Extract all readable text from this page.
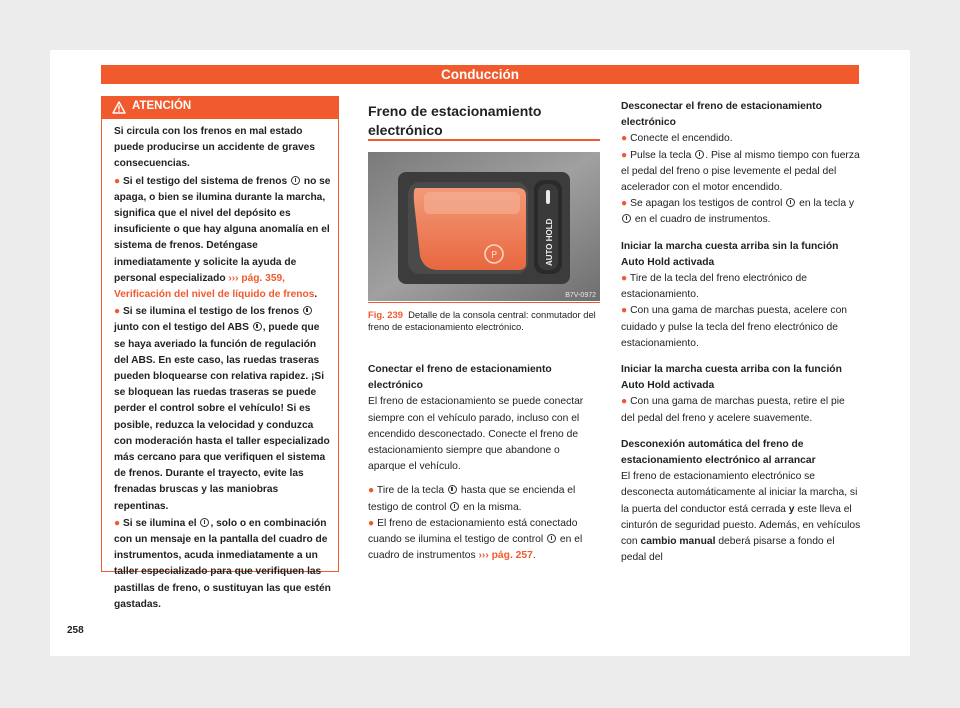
Conducción
ATENCIÓN

Si circula con los frenos en mal estado puede producirse un accidente de graves consecuencias.

● Si el testigo del sistema de frenos no se apaga, o bien se ilumina durante la marcha, significa que el nivel del depósito es insuficiente o que hay alguna anomalía en el sistema de frenos. Deténgase inmediatamente y solicite la ayuda de personal especializado ››› pág. 359, Verificación del nivel de líquido de frenos.

● Si se ilumina el testigo de los frenos  junto con el testigo del ABS , puede que se haya averiado la función de regulación del ABS. En este caso, las ruedas traseras pueden bloquearse con relativa rapidez. ¡Si se bloquean las ruedas traseras se puede perder el control sobre el vehículo! Si es posible, reduzca la velocidad y conduzca con moderación hasta el taller especializado más cercano para que verifiquen el sistema de frenos. Durante el trayecto, evite las frenadas bruscas y las maniobras repentinas.

● Si se ilumina el , solo o en combinación con un mensaje en la pantalla del cuadro de instrumentos, acuda inmediatamente a un taller especializado para que verifiquen las pastillas de freno, o sustituyan las que estén gastadas.

Freno de estacionamiento electrónico
P	AUTO HOLD
B7V-0972
Fig. 239 Detalle de la consola central: conmutador del freno de estacionamiento electrónico.
Conectar el freno de estacionamiento electrónico

El freno de estacionamiento se puede conectar siempre con el vehículo parado, incluso con el encendido desconectado. Conecte el freno de estacionamiento siempre que abandone o aparque el vehículo.

● Tire de la tecla hasta que se encienda el testigo de control en la misma.

● El freno de estacionamiento está conectado cuando se ilumina el testigo de control en el cuadro de instrumentos ››› pág. 257.

Desconectar el freno de estacionamiento electrónico

● Conecte el encendido.

● Pulse la tecla . Pise al mismo tiempo con fuerza el pedal del freno o pise levemente el pedal del acelerador con el motor encendido.

● Se apagan los testigos de control en la tecla y  en el cuadro de instrumentos.

Iniciar la marcha cuesta arriba sin la función Auto Hold activada

● Tire de la tecla del freno electrónico de estacionamiento.

● Con una gama de marchas puesta, acelere con cuidado y pulse la tecla del freno electrónico de estacionamiento.

Iniciar la marcha cuesta arriba con la función Auto Hold activada

● Con una gama de marchas puesta, retire el pie del pedal del freno y acelere suavemente.

Desconexión automática del freno de estacionamiento electrónico al arrancar

El freno de estacionamiento electrónico se desconecta automáticamente al iniciar la marcha, si la puerta del conductor está cerrada y este lleva el cinturón de seguridad puesto. Además, en vehículos con cambio manual deberá pisarse a fondo el pedal del

258
